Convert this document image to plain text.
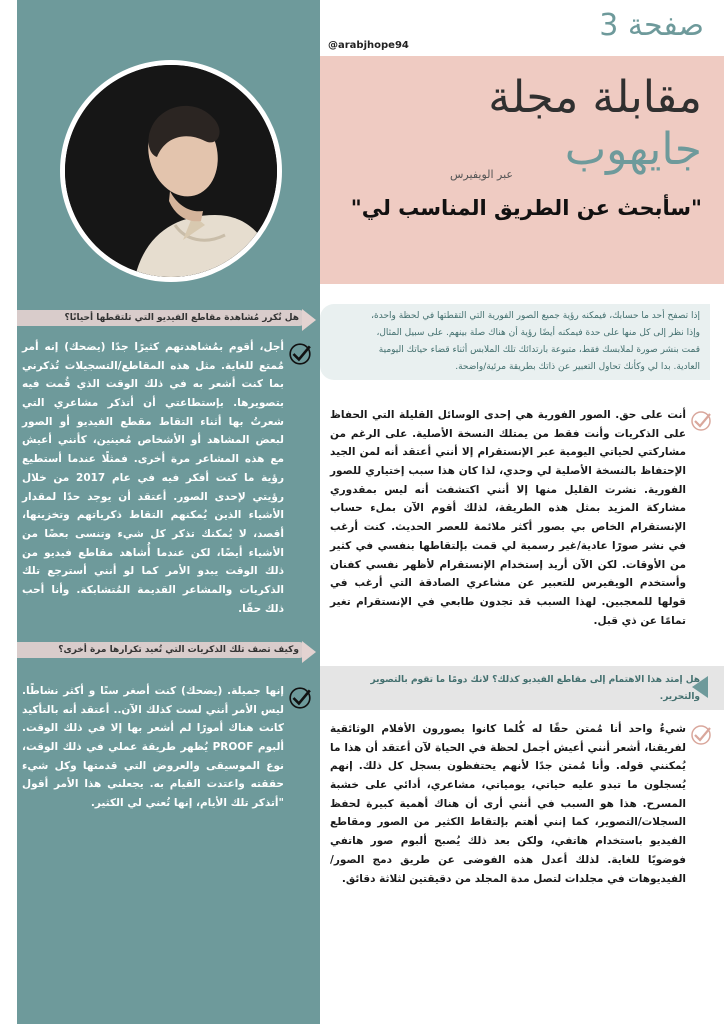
صفحة 3
@arabjhope94
مقابلة مجلة
جايهوب
عبر الويفيرس
"سأبحث عن الطريق المناسب لي"
إذا تصفح أحد ما حسابك، فيمكنه رؤية جميع الصور الفورية التي التقطتها في لحظة واحدة، وإذا نظر إلى كل منها على حدة فيمكنه أيضًا رؤية أن هناك صلة بينهم. على سبيل المثال، قمت بنشر صورة لملابسك فقط، متبوعة بارتدائك تلك الملابس أثناء قضاء حياتك اليومية العادية. بدا لي وكأنك تحاول التعبير عن ذاتك بطريقة مرئية/واضحة.
أنت على حق. الصور الفورية هي إحدى الوسائل القليلة التي الحفاظ على الذكريات وأنت فقط من يمتلك النسخة الأصلية. على الرغم من مشاركتي لحياتي اليومية عبر الإنستقرام إلا أنني أعتقد أنه لمن الجيد الإحتفاظ بالنسخة الأصلية لي وحدي، لذا كان هذا سبب إختياري للصور الفورية. نشرت القليل منها إلا أنني اكتشفت أنه ليس بمقدوري مشاركة المزيد بمثل هذه الطريقة، لذلك أقوم الآن بملء حساب الإنستقرام الخاص بي بصور أكثر ملائمة للعصر الحديث. كنت أرغب في نشر صورًا عادية/غير رسمية لي قمت بإلتقاطها بنفسي في كثير من الأوقات. لكن الآن أريد إستخدام الإنستقرام لأظهر نفسي كفنان وأستخدم الويفيرس للتعبير عن مشاعري الصادقة التي أرغب في قولها للمعجبين. لهذا السبب قد تجدون طابعي في الإنستقرام تغير تمامًا عن ذي قبل.
هل إمتد هذا الاهتمام إلى مقاطع الفيديو كذلك؟ لانك دومًا ما تقوم بالتصوير والتحرير.
شيءٌ واحد أنا مُمتن حقًا له كُلما كانوا يصورون الأفلام الوثائقية لفريقنا، أشعر أنني أعيش أجمل لحظة في الحياة لآن أعتقد أن هذا ما يُمكنني قوله. وأنا مُمتن جدًا لأنهم يحتفظون بسجل كل ذلك. إنهم يُسجلون ما تبدو عليه حياتي، يومياتي، مشاعري، أدائي على خشبة المسرح. هذا هو السبب في أنني أرى أن هناك أهمية كبيرة لحفظ السجلات/التصوير، كما إنني أهتم بإلتقاط الكثير من الصور ومقاطع الفيديو باستخدام هاتفي، ولكن بعد ذلك يُصبح ألبوم صور هاتفي فوضويًا للغاية. لذلك أعدل هذه الفوضى عن طريق دمج الصور/الفيديوهات في مجلدات لتصل مدة المجلد من دقيقتين لثلاثة دقائق.
هل تُكرر مُشاهدة مقاطع الفيديو التي تلتقطها أحيانًا؟
أجل، أقوم بمُشاهدتهم كثيرًا جدًا (يضحك) إنه أمر مُمتع للغاية. مثل هذه المقاطع/التسجيلات تُذكرني بما كنت أشعر به في ذلك الوقت الذي قُمت فيه بتصويرها. بإستطاعتي أن أتذكر مشاعري التي شعرتُ بها أثناء التقاط مقطع الفيديو أو الصور لبعض المشاهد أو الأشخاص مُعينين، كأنني أعيش مع هذه المشاعر مرة أخرى. فمثلًا عندما أستطيع رؤية ما كنت أفكر فيه في عام 2017 من خلال رؤيتي لإحدى الصور. أعتقد أن يوجد حدًا لمقدار الأشياء الذين يُمكنهم التقاط ذكرياتهم وتخزينها، أقصد، لا يُمكنك تذكر كل شيء وتنسى بعضًا من الأشياء أيضًا، لكن عندما أُشاهد مقاطع فيديو من ذلك الوقت يبدو الأمر كما لو أنني أسترجع تلك الذكريات والمشاعر القديمة المُتشابكة. وأنا أحب ذلك حقًا.
وكيف تصف تلك الذكريات التي تُعيد تكرارها مرة أخرى؟
إنها جميلة. (يضحك) كنت أصغر سنًا و أكثر نشاطًا. ليس الأمر أنني لست كذلك الآن.. أعتقد أنه بالتأكيد كانت هناك أمورًا لم أشعر بها إلا في ذلك الوقت. ألبوم PROOF يُظهر طريقة عملي في ذلك الوقت، نوع الموسيقى والعروض التي قدمتها وكل شيء حققته واعتدت القيام به. يجعلني هذا الأمر أقول "أتذكر تلك الأيام، إنها تُعني لي الكثير.
